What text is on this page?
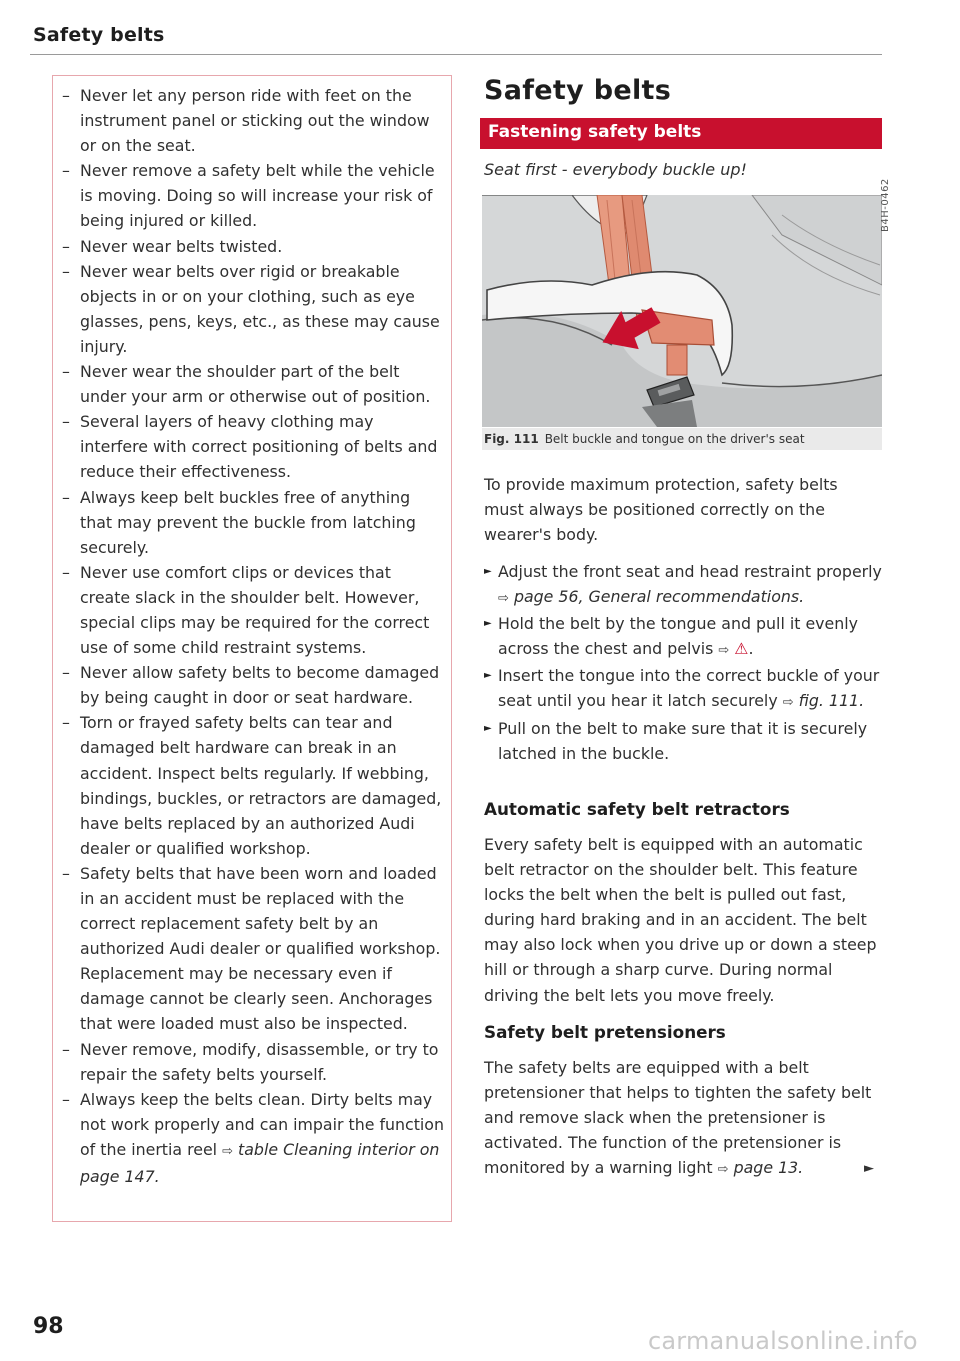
Safety belts
– Never let any person ride with feet on the instrument panel or sticking out the window or on the seat.
– Never remove a safety belt while the vehicle is moving. Doing so will increase your risk of being injured or killed.
– Never wear belts twisted.
– Never wear belts over rigid or breakable objects in or on your clothing, such as eye glasses, pens, keys, etc., as these may cause injury.
– Never wear the shoulder part of the belt under your arm or otherwise out of position.
– Several layers of heavy clothing may interfere with correct positioning of belts and reduce their effectiveness.
– Always keep belt buckles free of anything that may prevent the buckle from latching securely.
– Never use comfort clips or devices that create slack in the shoulder belt. However, special clips may be required for the correct use of some child restraint systems.
– Never allow safety belts to become damaged by being caught in door or seat hardware.
– Torn or frayed safety belts can tear and damaged belt hardware can break in an accident. Inspect belts regularly. If webbing, bindings, buckles, or retractors are damaged, have belts replaced by an authorized Audi dealer or qualified workshop.
– Safety belts that have been worn and loaded in an accident must be replaced with the correct replacement safety belt by an authorized Audi dealer or qualified workshop. Replacement may be necessary even if damage cannot be clearly seen. Anchorages that were loaded must also be inspected.
– Never remove, modify, disassemble, or try to repair the safety belts yourself.
– Always keep the belts clean. Dirty belts may not work properly and can impair the function of the inertia reel ⇨ table Cleaning interior on page 147.
Safety belts
Fastening safety belts
Seat first - everybody buckle up!
B4H-0462
Fig. 111 Belt buckle and tongue on the driver's seat
To provide maximum protection, safety belts must always be positioned correctly on the wearer's body.
► Adjust the front seat and head restraint properly ⇨ page 56, General recommendations.
► Hold the belt by the tongue and pull it evenly across the chest and pelvis ⇨ ⚠.
► Insert the tongue into the correct buckle of your seat until you hear it latch securely ⇨ fig. 111.
► Pull on the belt to make sure that it is securely latched in the buckle.
Automatic safety belt retractors
Every safety belt is equipped with an automatic belt retractor on the shoulder belt. This feature locks the belt when the belt is pulled out fast, during hard braking and in an accident. The belt may also lock when you drive up or down a steep hill or through a sharp curve. During normal driving the belt lets you move freely.
Safety belt pretensioners
The safety belts are equipped with a belt pretensioner that helps to tighten the safety belt and remove slack when the pretensioner is activated. The function of the pretensioner is monitored by a warning light ⇨ page 13.	►
98
carmanualsonline.info
